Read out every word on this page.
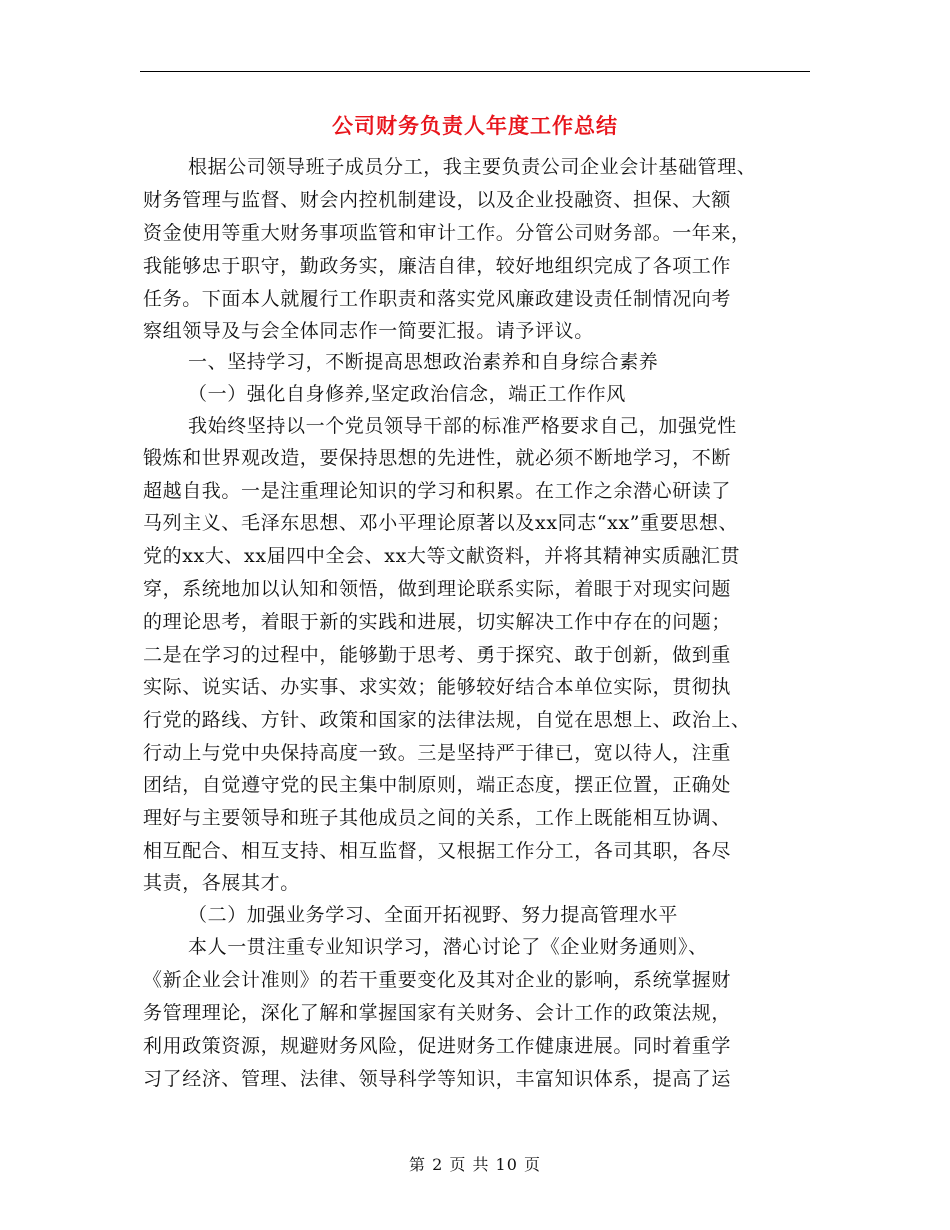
公司财务负责人年度工作总结
根据公司领导班子成员分工，我主要负责公司企业会计基础管理、
财务管理与监督、财会内控机制建设，以及企业投融资、担保、大额
资金使用等重大财务事项监管和审计工作。分管公司财务部。一年来，
我能够忠于职守，勤政务实，廉洁自律，较好地组织完成了各项工作
任务。下面本人就履行工作职责和落实党风廉政建设责任制情况向考
察组领导及与会全体同志作一简要汇报。请予评议。
一、坚持学习，不断提高思想政治素养和自身综合素养
（一）强化自身修养,坚定政治信念，端正工作作风
我始终坚持以一个党员领导干部的标准严格要求自己，加强党性
锻炼和世界观改造，要保持思想的先进性，就必须不断地学习，不断
超越自我。一是注重理论知识的学习和积累。在工作之余潜心研读了
马列主义、毛泽东思想、邓小平理论原著以及xx同志“xx”重要思想、
党的xx大、xx届四中全会、xx大等文献资料，并将其精神实质融汇贯
穿，系统地加以认知和领悟，做到理论联系实际，着眼于对现实问题
的理论思考，着眼于新的实践和进展，切实解决工作中存在的问题；
二是在学习的过程中，能够勤于思考、勇于探究、敢于创新，做到重
实际、说实话、办实事、求实效；能够较好结合本单位实际，贯彻执
行党的路线、方针、政策和国家的法律法规，自觉在思想上、政治上、
行动上与党中央保持高度一致。三是坚持严于律已，宽以待人，注重
团结，自觉遵守党的民主集中制原则，端正态度，摆正位置，正确处
理好与主要领导和班子其他成员之间的关系，工作上既能相互协调、
相互配合、相互支持、相互监督，又根据工作分工，各司其职，各尽
其责，各展其才。
（二）加强业务学习、全面开拓视野、努力提高管理水平
本人一贯注重专业知识学习，潜心讨论了《企业财务通则》、
《新企业会计准则》的若干重要变化及其对企业的影响，系统掌握财
务管理理论，深化了解和掌握国家有关财务、会计工作的政策法规，
利用政策资源，规避财务风险，促进财务工作健康进展。同时着重学
习了经济、管理、法律、领导科学等知识，丰富知识体系，提高了运
第 2 页 共 10 页
